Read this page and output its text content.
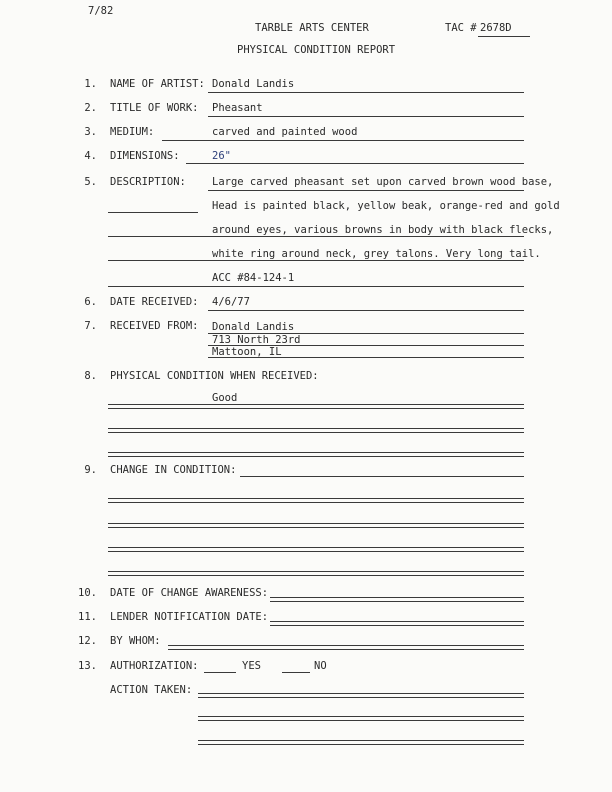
7/82
TARBLE ARTS CENTER	TAC # 2678D
PHYSICAL CONDITION REPORT
1. NAME OF ARTIST: Donald Landis
2. TITLE OF WORK: Pheasant
3. MEDIUM:	carved and painted wood
4. DIMENSIONS:	26"
5. DESCRIPTION: Large carved pheasant set upon carved brown wood base,
Head is painted black, yellow beak, orange-red and gold
around eyes, various browns in body with black flecks,
white ring around neck, grey talons. Very long tail.
ACC #84-124-1
6. DATE RECEIVED: 4/6/77
7. RECEIVED FROM: Donald Landis
713 North 23rd
Mattoon, IL
8. PHYSICAL CONDITION WHEN RECEIVED:
Good
9. CHANGE IN CONDITION:
10. DATE OF CHANGE AWARENESS:
11. LENDER NOTIFICATION DATE:
12. BY WHOM:
13. AUTHORIZATION:	YES	NO
ACTION TAKEN:
